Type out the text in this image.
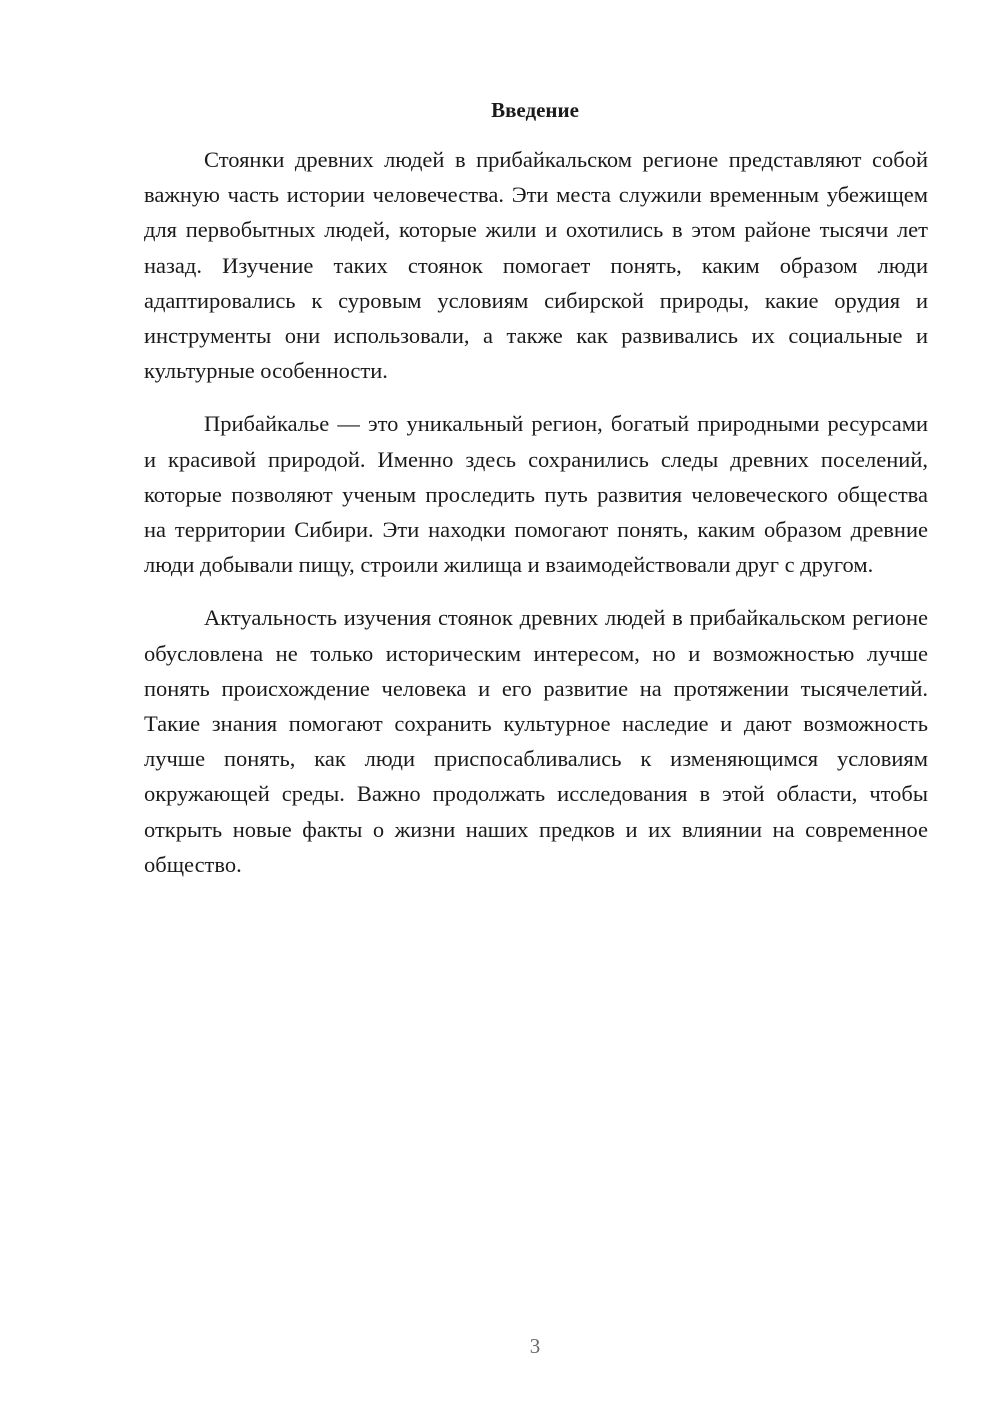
Введение

Стоянки древних людей в прибайкальском регионе представляют собой важную часть истории человечества. Эти места служили временным убежищем для первобытных людей, которые жили и охотились в этом районе тысячи лет назад. Изучение таких стоянок помогает понять, каким образом люди адаптировались к суровым условиям сибирской природы, какие орудия и инструменты они использовали, а также как развивались их социальные и культурные особенности.

Прибайкалье — это уникальный регион, богатый природными ресурсами и красивой природой. Именно здесь сохранились следы древних поселений, которые позволяют ученым проследить путь развития человеческого общества на территории Сибири. Эти находки помогают понять, каким образом древние люди добывали пищу, строили жилища и взаимодействовали друг с другом.

Актуальность изучения стоянок древних людей в прибайкальском регионе обусловлена не только историческим интересом, но и возможностью лучше понять происхождение человека и его развитие на протяжении тысячелетий. Такие знания помогают сохранить культурное наследие и дают возможность лучше понять, как люди приспосабливались к изменяющимся условиям окружающей среды. Важно продолжать исследования в этой области, чтобы открыть новые факты о жизни наших предков и их влиянии на современное общество.

3
